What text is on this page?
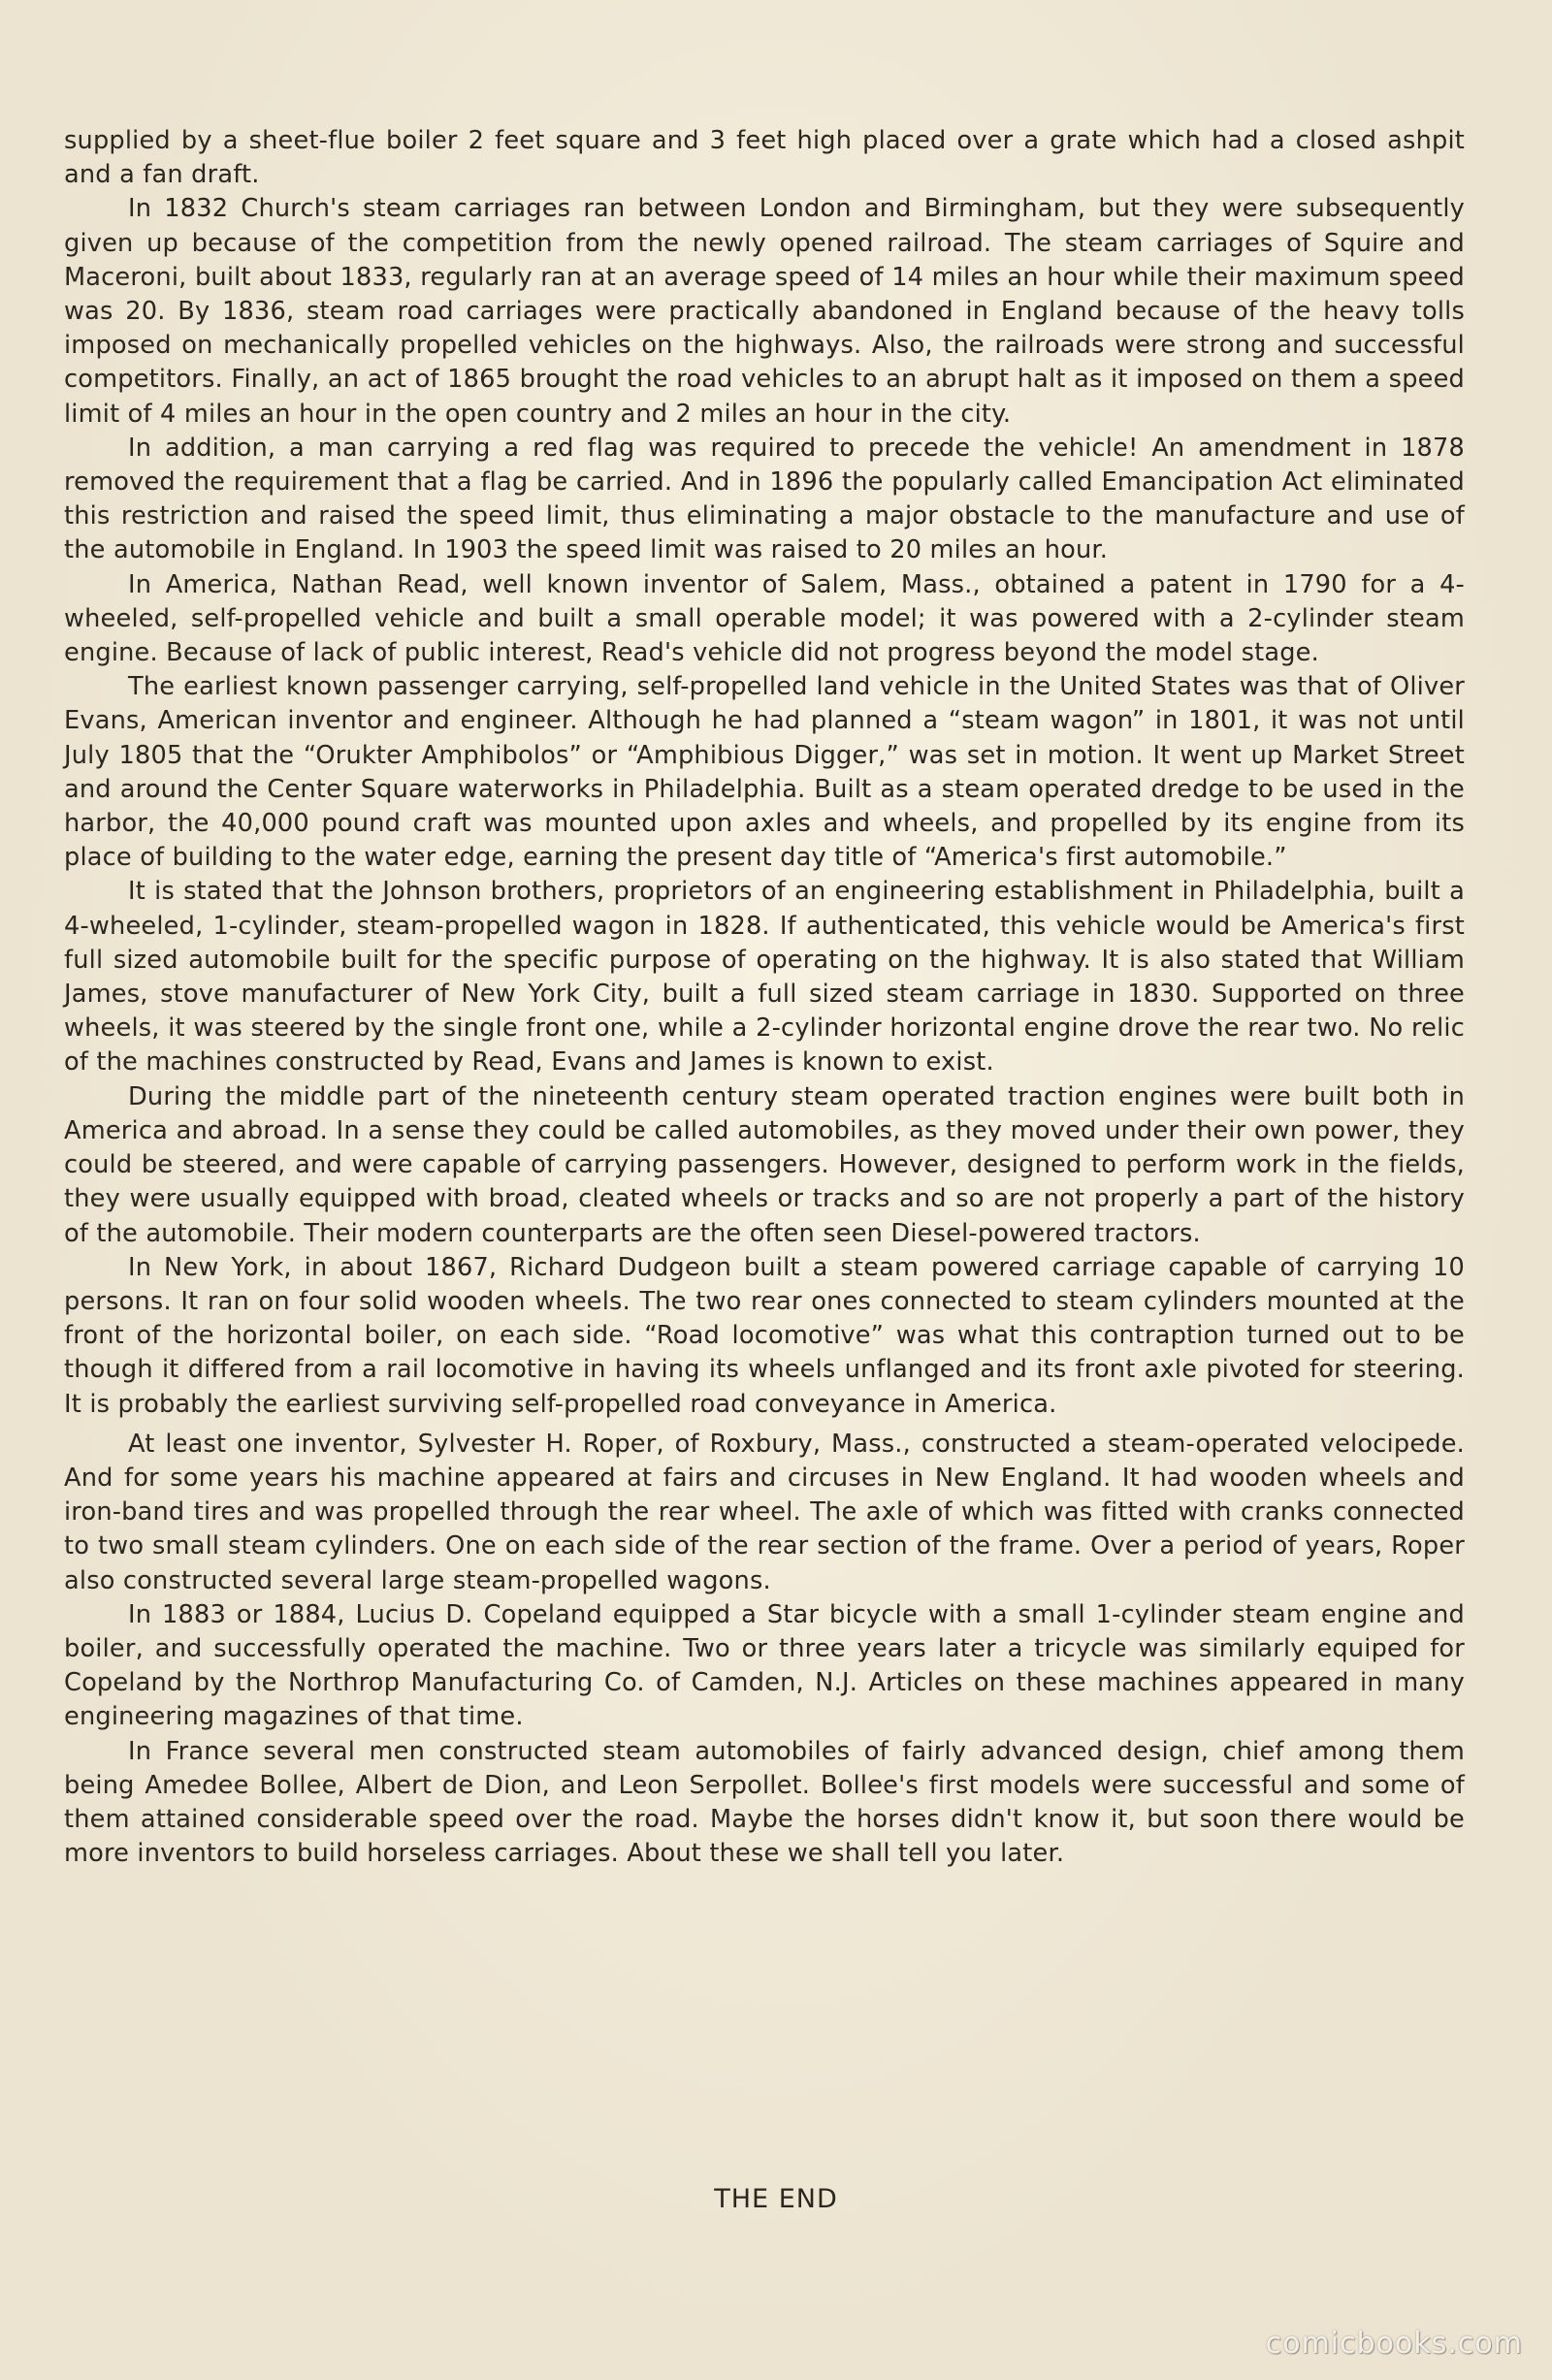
supplied by a sheet-flue boiler 2 feet square and 3 feet high placed over a grate which had a closed ashpit and a fan draft.

In 1832 Church's steam carriages ran between London and Birmingham, but they were subsequently given up because of the competition from the newly opened railroad. The steam carriages of Squire and Maceroni, built about 1833, regularly ran at an average speed of 14 miles an hour while their maximum speed was 20. By 1836, steam road carriages were practically abandoned in England because of the heavy tolls imposed on mechanically propelled vehicles on the highways. Also, the railroads were strong and successful competitors. Finally, an act of 1865 brought the road vehicles to an abrupt halt as it imposed on them a speed limit of 4 miles an hour in the open country and 2 miles an hour in the city.

In addition, a man carrying a red flag was required to precede the vehicle! An amendment in 1878 removed the requirement that a flag be carried. And in 1896 the popularly called Emancipation Act eliminated this restriction and raised the speed limit, thus eliminating a major obstacle to the manufacture and use of the automobile in England. In 1903 the speed limit was raised to 20 miles an hour.

In America, Nathan Read, well known inventor of Salem, Mass., obtained a patent in 1790 for a 4-wheeled, self-propelled vehicle and built a small operable model; it was powered with a 2-cylinder steam engine. Because of lack of public interest, Read's vehicle did not progress beyond the model stage.

The earliest known passenger carrying, self-propelled land vehicle in the United States was that of Oliver Evans, American inventor and engineer. Although he had planned a “steam wagon” in 1801, it was not until July 1805 that the “Orukter Amphibolos” or “Amphibious Digger,” was set in motion. It went up Market Street and around the Center Square waterworks in Philadelphia. Built as a steam operated dredge to be used in the harbor, the 40,000 pound craft was mounted upon axles and wheels, and propelled by its engine from its place of building to the water edge, earning the present day title of “America's first automobile.”

It is stated that the Johnson brothers, proprietors of an engineering establishment in Philadelphia, built a 4-wheeled, 1-cylinder, steam-propelled wagon in 1828. If authenticated, this vehicle would be America's first full sized automobile built for the specific purpose of operating on the highway. It is also stated that William James, stove manufacturer of New York City, built a full sized steam carriage in 1830. Supported on three wheels, it was steered by the single front one, while a 2-cylinder horizontal engine drove the rear two. No relic of the machines constructed by Read, Evans and James is known to exist.

During the middle part of the nineteenth century steam operated traction engines were built both in America and abroad. In a sense they could be called automobiles, as they moved under their own power, they could be steered, and were capable of carrying passengers. However, designed to perform work in the fields, they were usually equipped with broad, cleated wheels or tracks and so are not properly a part of the history of the automobile. Their modern counterparts are the often seen Diesel-powered tractors.

In New York, in about 1867, Richard Dudgeon built a steam powered carriage capable of carrying 10 persons. It ran on four solid wooden wheels. The two rear ones connected to steam cylinders mounted at the front of the horizontal boiler, on each side. “Road locomotive” was what this contraption turned out to be though it differed from a rail locomotive in having its wheels unflanged and its front axle pivoted for steering. It is probably the earliest surviving self-propelled road conveyance in America.

At least one inventor, Sylvester H. Roper, of Roxbury, Mass., constructed a steam-operated velocipede. And for some years his machine appeared at fairs and circuses in New England. It had wooden wheels and iron-band tires and was propelled through the rear wheel. The axle of which was fitted with cranks connected to two small steam cylinders. One on each side of the rear section of the frame. Over a period of years, Roper also constructed several large steam-propelled wagons.

In 1883 or 1884, Lucius D. Copeland equipped a Star bicycle with a small 1-cylinder steam engine and boiler, and successfully operated the machine. Two or three years later a tricycle was similarly equiped for Copeland by the Northrop Manufacturing Co. of Camden, N.J. Articles on these machines appeared in many engineering magazines of that time.

In France several men constructed steam automobiles of fairly advanced design, chief among them being Amedee Bollee, Albert de Dion, and Leon Serpollet. Bollee's first models were successful and some of them attained considerable speed over the road. Maybe the horses didn't know it, but soon there would be more inventors to build horseless carriages. About these we shall tell you later.

THE END
comicbooks.com
